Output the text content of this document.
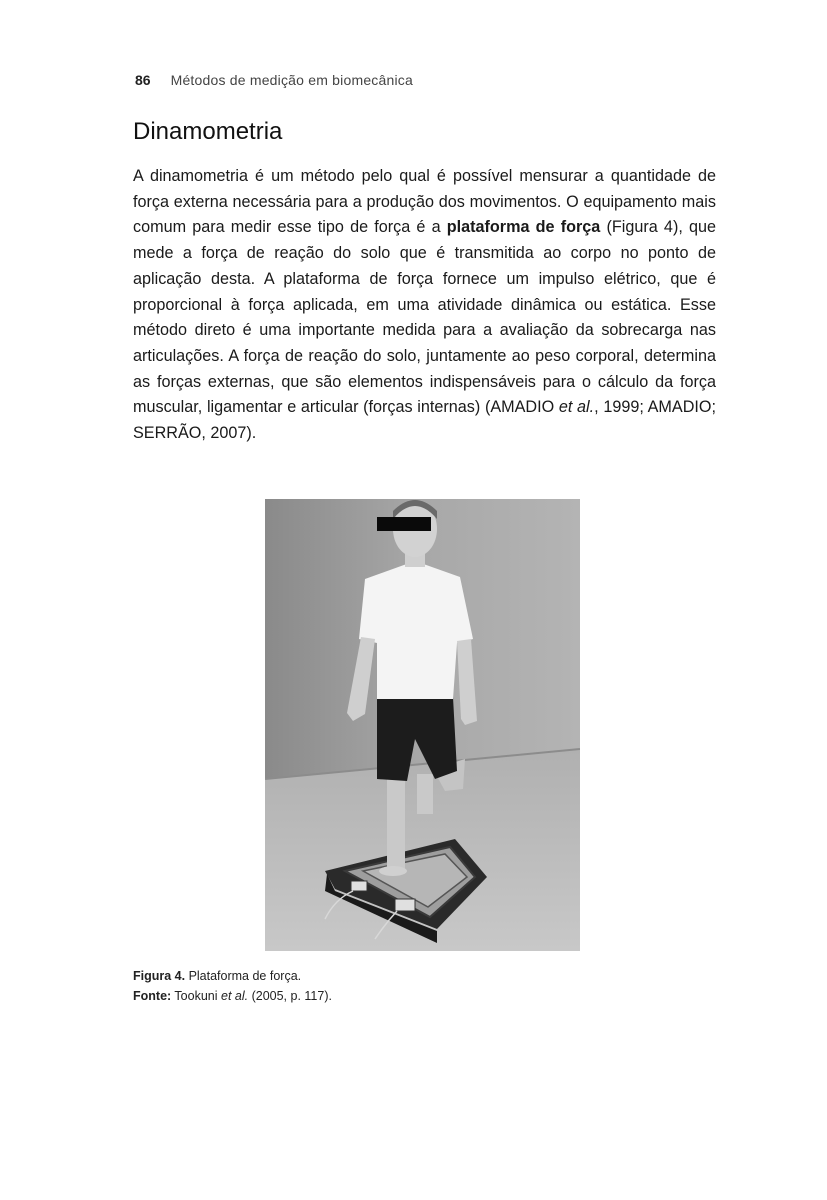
86 Métodos de medição em biomecânica
Dinamometria

A dinamometria é um método pelo qual é possível mensurar a quantidade de força externa necessária para a produção dos movimentos. O equipamento mais comum para medir esse tipo de força é a plataforma de força (Figura 4), que mede a força de reação do solo que é transmitida ao corpo no ponto de aplicação desta. A plataforma de força fornece um impulso elétrico, que é proporcional à força aplicada, em uma atividade dinâmica ou estática. Esse método direto é uma importante medida para a avaliação da sobrecarga nas articulações. A força de reação do solo, juntamente ao peso corporal, determina as forças externas, que são elementos indispensáveis para o cálculo da força muscular, ligamentar e articular (forças internas) (AMADIO et al., 1999; AMADIO; SERRÃO, 2007).

Figura 4. Plataforma de força.
Fonte: Tookuni et al. (2005, p. 117).
